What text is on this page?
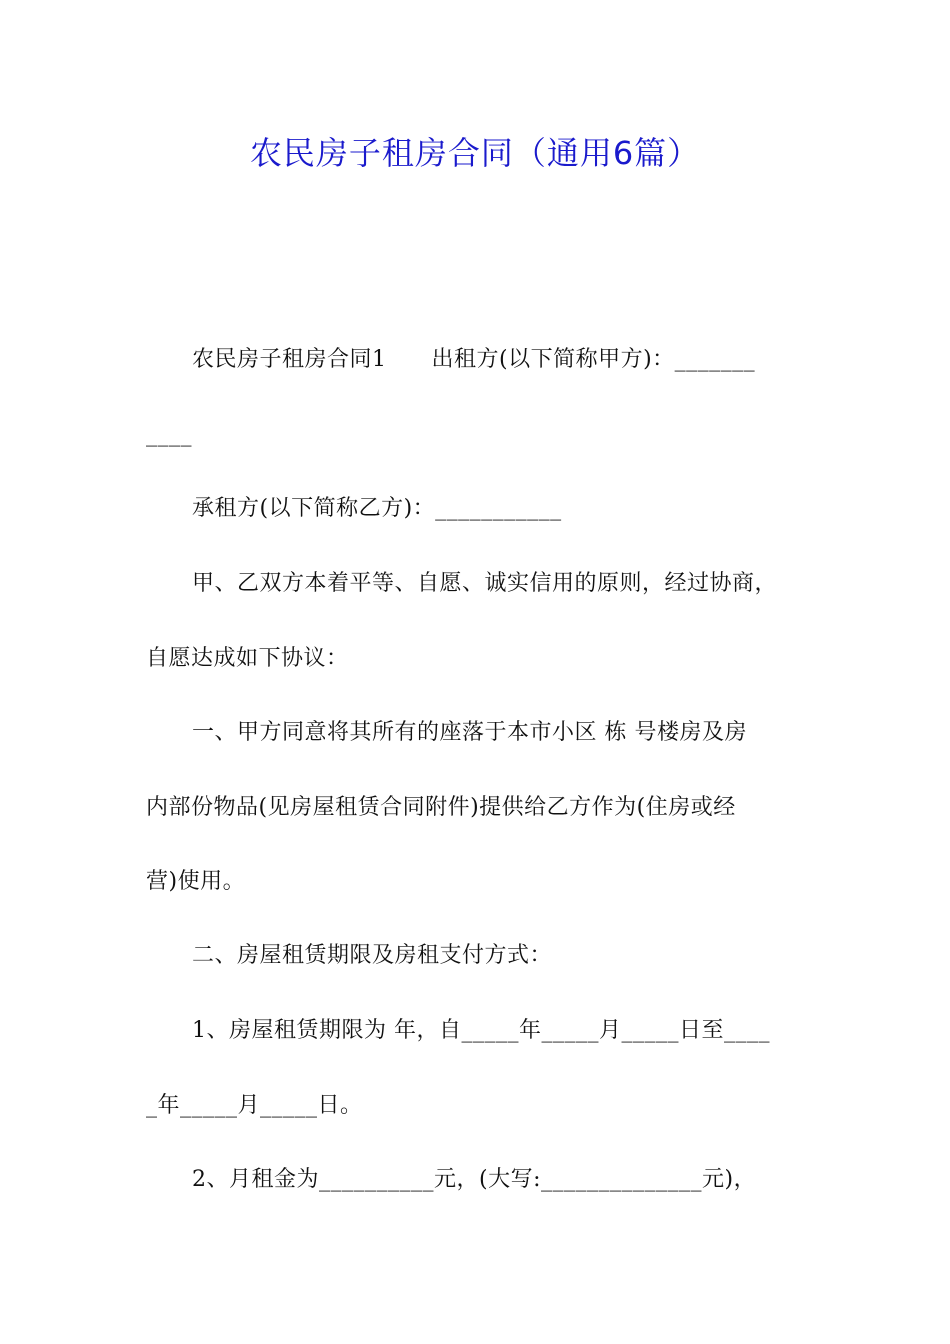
农民房子租房合同（通用6篇）
农民房子租房合同1　　出租方(以下简称甲方)：_______
____
承租方(以下简称乙方)：___________
甲、乙双方本着平等、自愿、诚实信用的原则，经过协商，
自愿达成如下协议：
一、甲方同意将其所有的座落于本市小区 栋 号楼房及房
内部份物品(见房屋租赁合同附件)提供给乙方作为(住房或经
营)使用。
二、房屋租赁期限及房租支付方式：
1、房屋租赁期限为 年，自_____年_____月_____日至____
_年_____月_____日。
2、月租金为__________元，(大写:______________元)，
